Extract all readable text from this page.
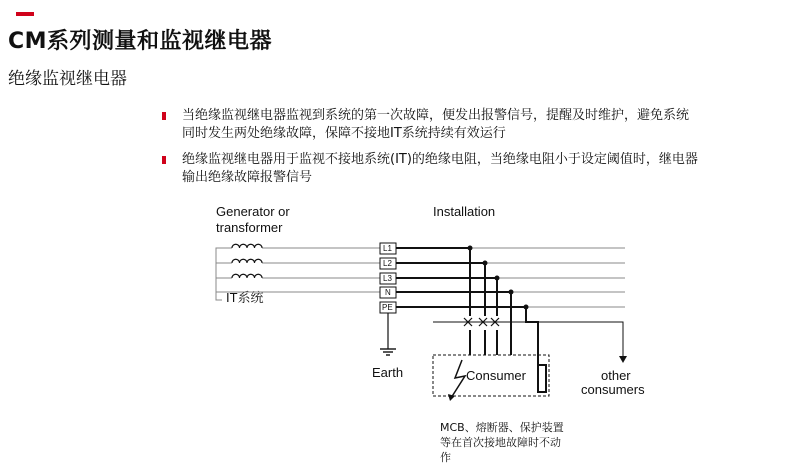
CM系列测量和监视继电器
绝缘监视继电器
当绝缘监视继电器监视到系统的第一次故障，便发出报警信号，提醒及时维护，避免系统同时发生两处绝缘故障，保障不接地IT系统持续有效运行
绝缘监视继电器用于监视不接地系统(IT)的绝缘电阻，当绝缘电阻小于设定阈值时，继电器输出绝缘故障报警信号
Generator or
transformer
Installation
IT系统
L1
L2
L3
N
PE
Earth	Consumer	other
consumers
MCB、熔断器、保护装置
等在首次接地故障时不动
作
